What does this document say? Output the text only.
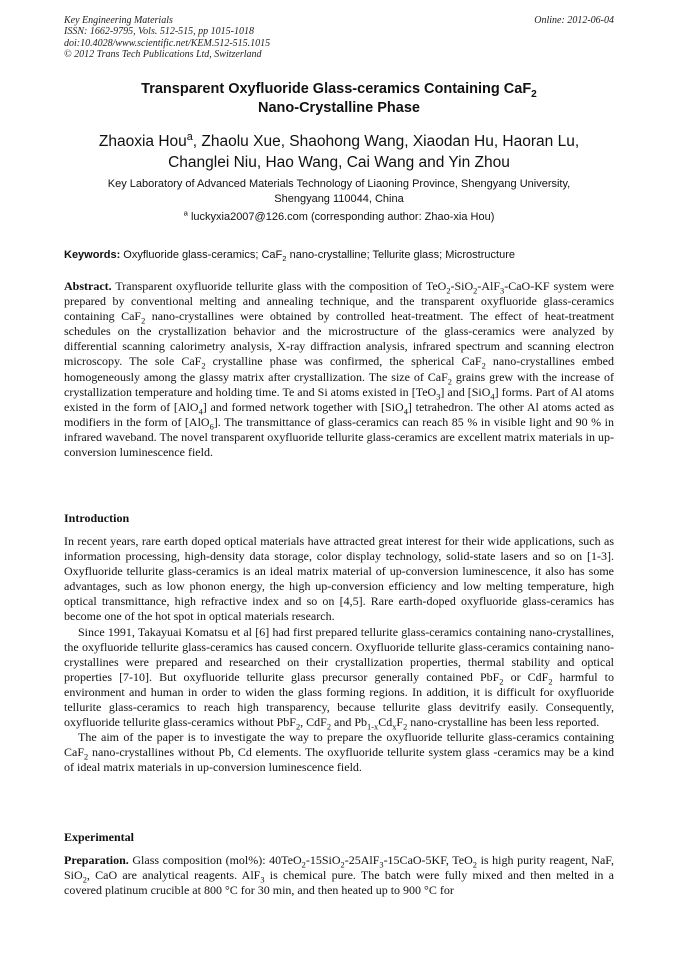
Key Engineering Materials
ISSN: 1662-9795, Vols. 512-515, pp 1015-1018
doi:10.4028/www.scientific.net/KEM.512-515.1015
© 2012 Trans Tech Publications Ltd, Switzerland
Online: 2012-06-04
Transparent Oxyfluoride Glass-ceramics Containing CaF$_2$
Nano-Crystalline Phase
Zhaoxia Hou$^a$, Zhaolu Xue, Shaohong Wang, Xiaodan Hu, Haoran Lu,
Changlei Niu, Hao Wang, Cai Wang and Yin Zhou
Key Laboratory of Advanced Materials Technology of Liaoning Province, Shengyang University,
Shengyang 110044, China
$^a$ luckyxia2007@126.com (corresponding author: Zhao-xia Hou)
Keywords: Oxyfluoride glass-ceramics; CaF$_2$ nano-crystalline; Tellurite glass; Microstructure

Abstract. Transparent oxyfluoride tellurite glass with the composition of TeO$_2$-SiO$_2$-AlF$_3$-CaO-KF system were prepared by conventional melting and annealing technique, and the transparent oxyfluoride glass-ceramics containing CaF$_2$ nano-crystallines were obtained by controlled heat-treatment. The effect of heat-treatment schedules on the crystallization behavior and the microstructure of the glass-ceramics were analyzed by differential scanning calorimetry analysis, X-ray diffraction analysis, infrared spectrum and scanning electron microscopy. The sole CaF$_2$ crystalline phase was confirmed, the spherical CaF$_2$ nano-crystallines embed homogeneously among the glassy matrix after crystallization. The size of CaF$_2$ grains grew with the increase of crystallization temperature and holding time. Te and Si atoms existed in [TeO$_3$] and [SiO$_4$] forms. Part of Al atoms existed in the form of [AlO$_4$] and formed network together with [SiO$_4$] tetrahedron. The other Al atoms acted as modifiers in the form of [AlO$_6$]. The transmittance of glass-ceramics can reach 85 % in visible light and 90 % in infrared waveband. The novel transparent oxyfluoride tellurite glass-ceramics are excellent matrix materials in up-conversion luminescence field.

Introduction

In recent years, rare earth doped optical materials have attracted great interest for their wide applications, such as information processing, high-density data storage, color display technology, solid-state lasers and so on [1-3]. Oxyfluoride tellurite glass-ceramics is an ideal matrix material of up-conversion luminescence, it also has some advantages, such as low phonon energy, the high up-conversion efficiency and low melting temperature, high optical transmittance, high refractive index and so on [4,5]. Rare earth-doped oxyfluoride glass-ceramics has become one of the hot spot in optical materials research.

Since 1991, Takayuai Komatsu et al [6] had first prepared tellurite glass-ceramics containing nano-crystallines, the oxyfluoride tellurite glass-ceramics has caused concern. Oxyfluoride tellurite glass-ceramics containing nano-crystallines were prepared and researched on their crystallization properties, thermal stability and optical properties [7-10]. But oxyfluoride tellurite glass precursor generally contained PbF$_2$ or CdF$_2$ harmful to environment and human in order to widen the glass forming regions. In addition, it is difficult for oxyfluoride tellurite glass-ceramics to reach high transparency, because tellurite glass devitrify easily. Consequently, oxyfluoride tellurite glass-ceramics without PbF$_2$, CdF$_2$ and $Pb_{1-x}Cd_xF_2$ nano-crystalline has been less reported.

The aim of the paper is to investigate the way to prepare the oxyfluoride tellurite glass-ceramics containing CaF$_2$ nano-crystallines without Pb, Cd elements. The oxyfluoride tellurite system glass -ceramics may be a kind of ideal matrix materials in up-conversion luminescence field.

Experimental

Preparation. Glass composition (mol%): 40TeO$_2$-15SiO$_2$-25AlF$_3$-15CaO-5KF, TeO$_2$ is high purity reagent, NaF, SiO$_2$, CaO are analytical reagents. AlF$_3$ is chemical pure. The batch were fully mixed and then melted in a covered platinum crucible at 800 °C for 30 min, and then heated up to 900 °C for
